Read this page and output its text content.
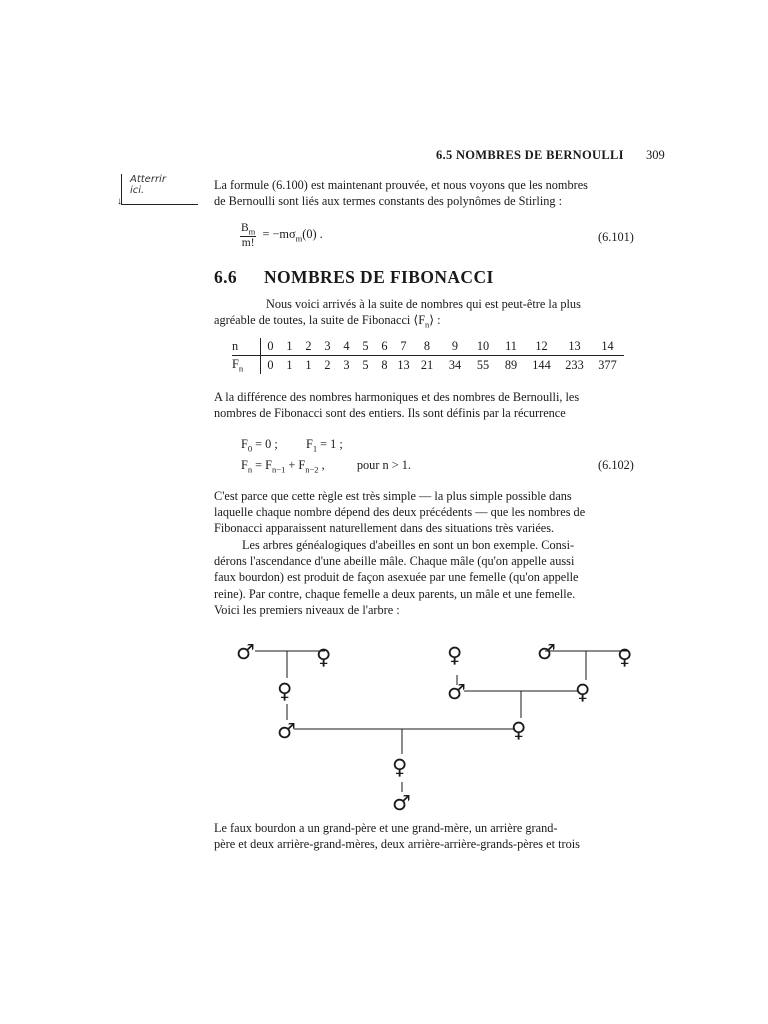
6.5 NOMBRES DE BERNOULLI 309
Atterrir
ici.
↓
La formule (6.100) est maintenant prouvée, et nous voyons que les nombres
de Bernoulli sont liés aux termes constants des polynômes de Stirling :
$\frac{B_m}{m!} = -m\sigma_m(0)$ .	(6.101)
6.6 NOMBRES DE FIBONACCI
Nous voici arrivés à la suite de nombres qui est peut-être la plus
agréable de toutes, la suite de Fibonacci $⟨F_n⟩$ :
n	0	1	2	3	4	5	6	7	8	9	10	11	12	13	14
$F_n$	0	1	1	2	3	5	8	13	21	34	55	89	144	233	377
A la différence des nombres harmoniques et des nombres de Bernoulli, les
nombres de Fibonacci sont des entiers. Ils sont définis par la récurrence
$F_0 = 0$ ; $F_1 = 1$ ;
$F_n = F_{n-1} + F_{n-2}$ ,	pour n > 1.	(6.102)
C'est parce que cette règle est très simple — la plus simple possible dans
laquelle chaque nombre dépend des deux précédents — que les nombres de
Fibonacci apparaissent naturellement dans des situations très variées.
Les arbres généalogiques d'abeilles en sont un bon exemple. Consi-
dérons l'ascendance d'une abeille mâle. Chaque mâle (qu'on appelle aussi
faux bourdon) est produit de façon asexuée par une femelle (qu'on appelle
reine). Par contre, chaque femelle a deux parents, un mâle et une femelle.
Voici les premiers niveaux de l'arbre :
♂	♀
♀
♂
♀
♂
♂	♀
♀
♀
♀
♂
Le faux bourdon a un grand-père et une grand-mère, un arrière grand-
père et deux arrière-grand-mères, deux arrière-arrière-grands-pères et trois
